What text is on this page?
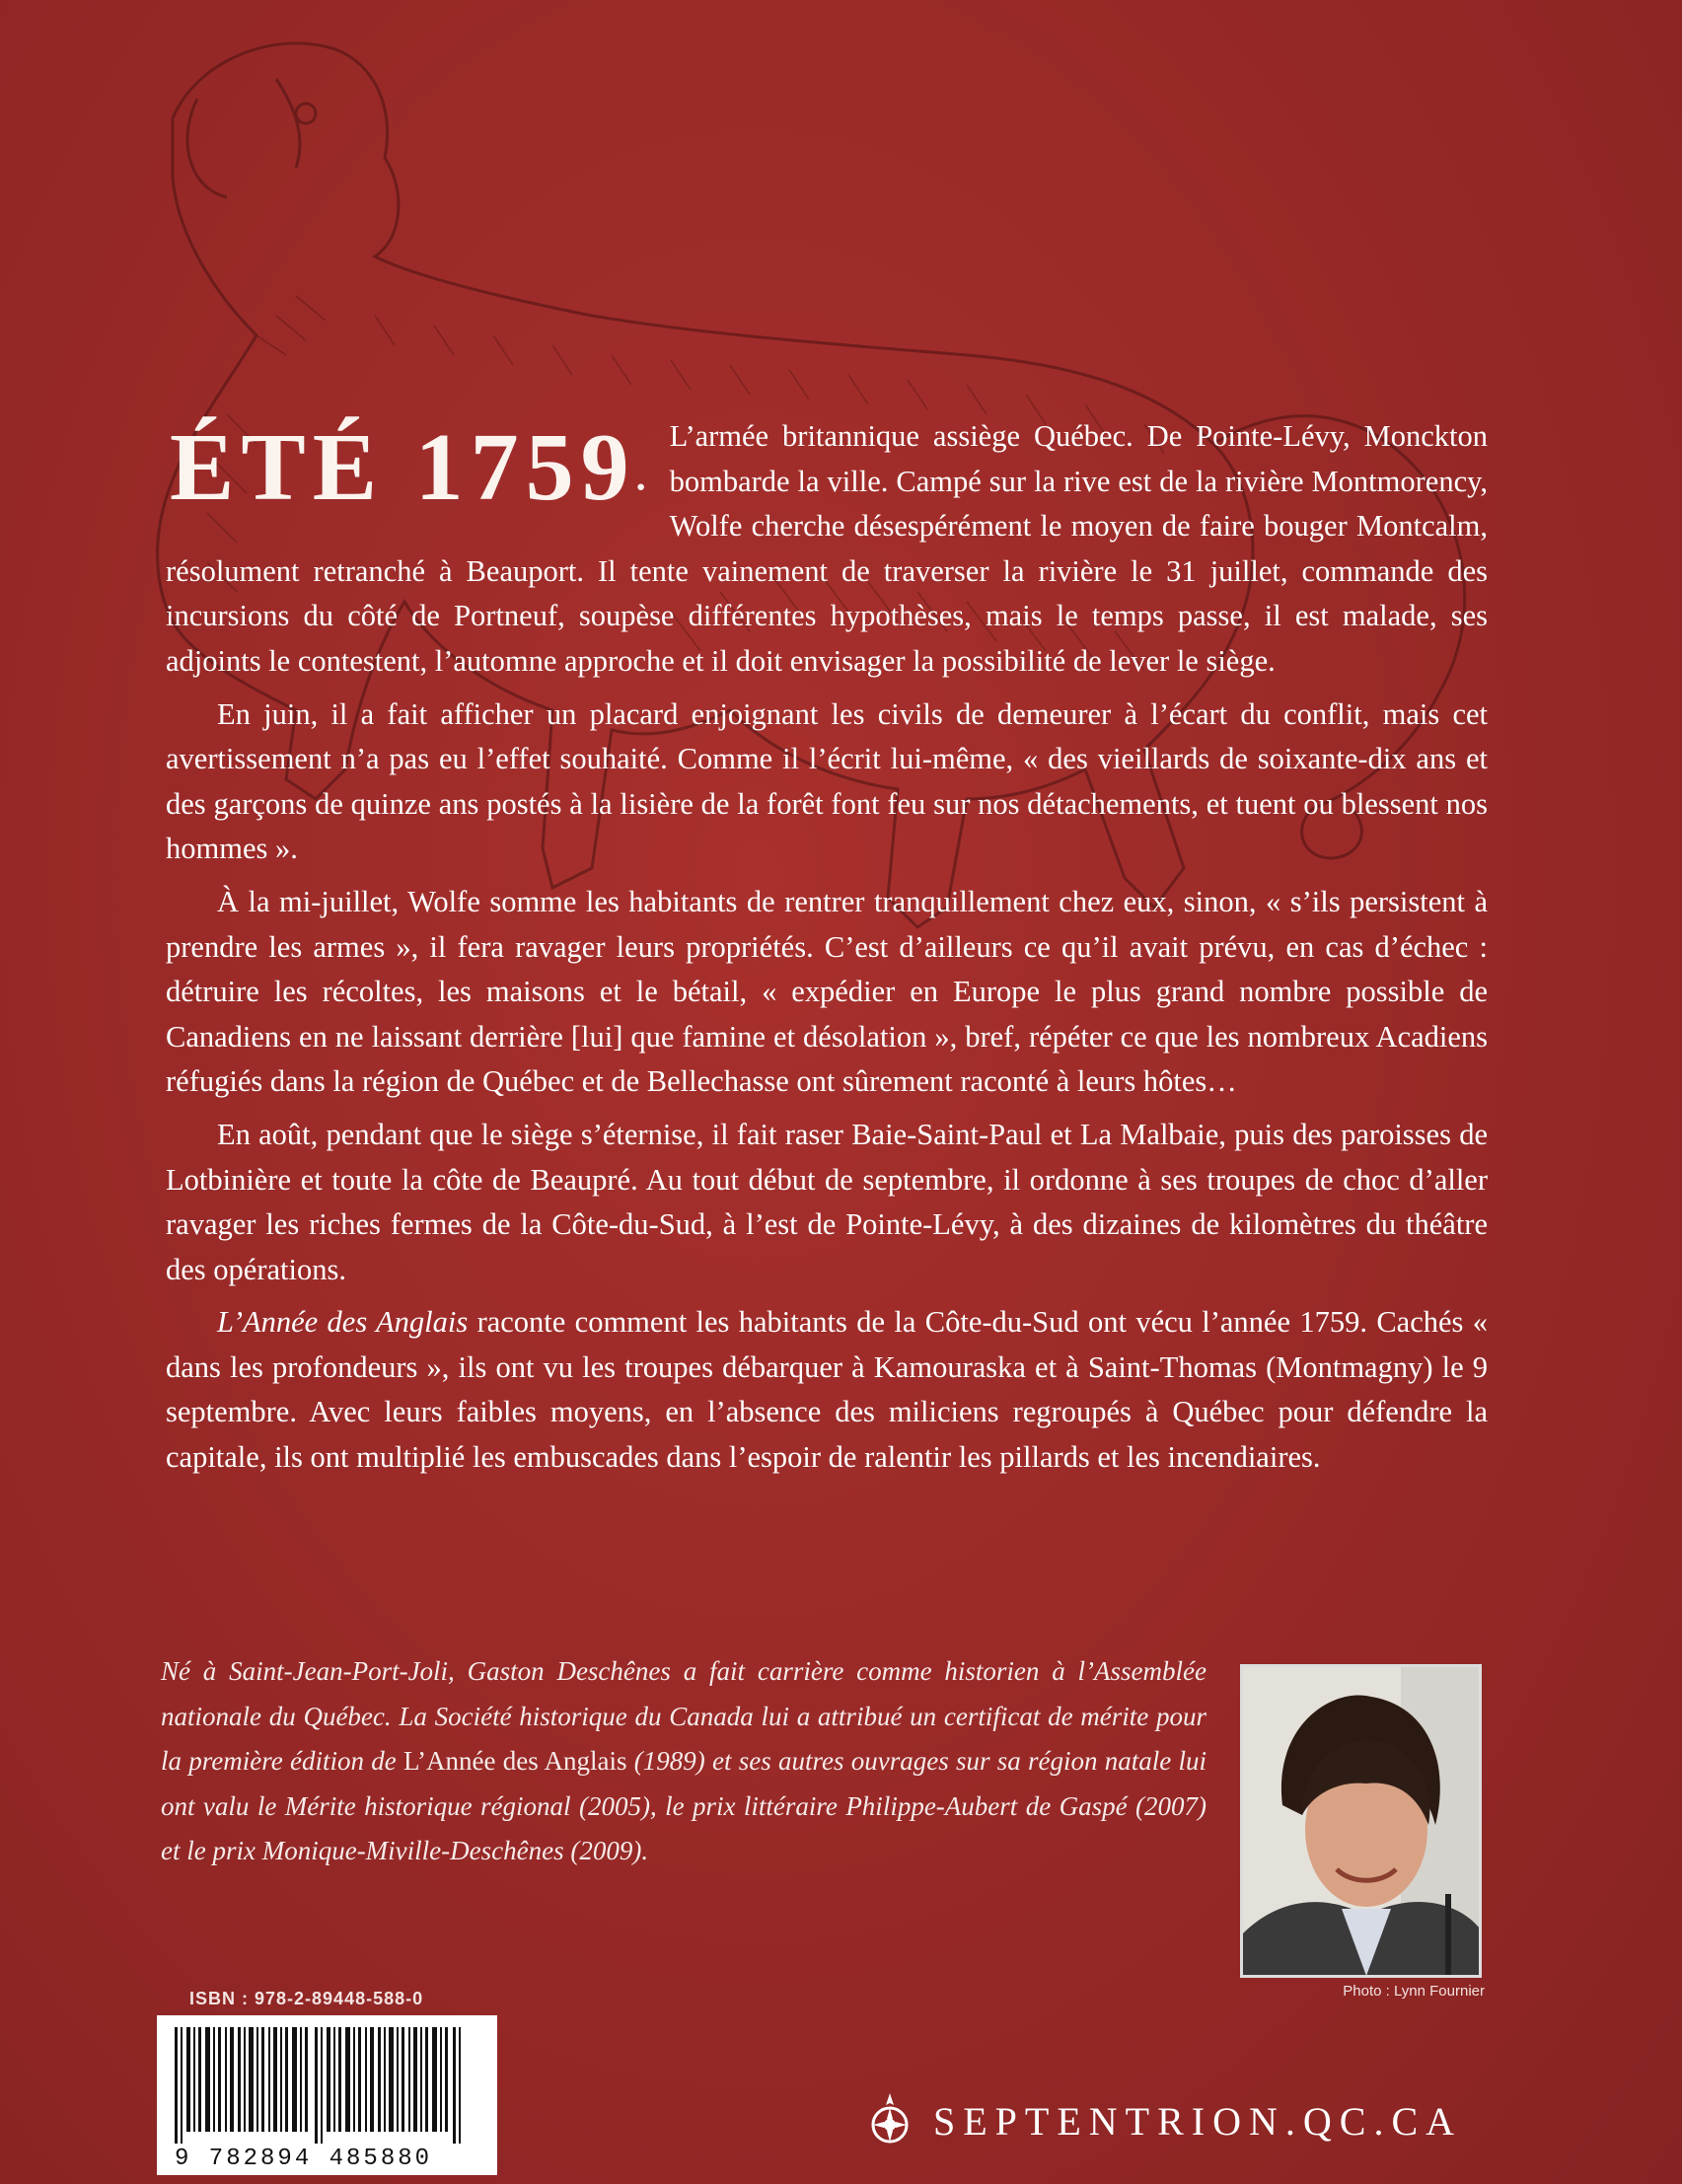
ÉTÉ 1759.
L’armée britannique assiège Québec. De Pointe-Lévy, Monckton bombarde la ville. Campé sur la rive est de la rivière Montmorency, Wolfe cherche désespérément le moyen de faire bouger Montcalm, résolument retranché à Beauport. Il tente vainement de traverser la rivière le 31 juillet, commande des incursions du côté de Portneuf, soupèse différentes hypothèses, mais le temps passe, il est malade, ses adjoints le contestent, l’automne approche et il doit envisager la possibilité de lever le siège.

En juin, il a fait afficher un placard enjoignant les civils de demeurer à l’écart du conflit, mais cet avertissement n’a pas eu l’effet souhaité. Comme il l’écrit lui-même, « des vieillards de soixante-dix ans et des garçons de quinze ans postés à la lisière de la forêt font feu sur nos détachements, et tuent ou blessent nos hommes ».

À la mi-juillet, Wolfe somme les habitants de rentrer tranquillement chez eux, sinon, « s’ils persistent à prendre les armes », il fera ravager leurs propriétés. C’est d’ailleurs ce qu’il avait prévu, en cas d’échec : détruire les récoltes, les maisons et le bétail, « expédier en Europe le plus grand nombre possible de Canadiens en ne laissant derrière [lui] que famine et désolation », bref, répéter ce que les nombreux Acadiens réfugiés dans la région de Québec et de Bellechasse ont sûrement raconté à leurs hôtes…

En août, pendant que le siège s’éternise, il fait raser Baie-Saint-Paul et La Malbaie, puis des paroisses de Lotbinière et toute la côte de Beaupré. Au tout début de septembre, il ordonne à ses troupes de choc d’aller ravager les riches fermes de la Côte-du-Sud, à l’est de Pointe-Lévy, à des dizaines de kilomètres du théâtre des opérations.

L’Année des Anglais raconte comment les habitants de la Côte-du-Sud ont vécu l’année 1759. Cachés « dans les profondeurs », ils ont vu les troupes débarquer à Kamouraska et à Saint-Thomas (Montmagny) le 9 septembre. Avec leurs faibles moyens, en l’absence des miliciens regroupés à Québec pour défendre la capitale, ils ont multiplié les embuscades dans l’espoir de ralentir les pillards et les incendiaires.

Né à Saint-Jean-Port-Joli, Gaston Deschênes a fait carrière comme historien à l’Assemblée nationale du Québec. La Société historique du Canada lui a attribué un certificat de mérite pour la première édition de L’Année des Anglais (1989) et ses autres ouvrages sur sa région natale lui ont valu le Mérite historique régional (2005), le prix littéraire Philippe-Aubert de Gaspé (2007) et le prix Monique-Miville-Deschênes (2009).
Photo : Lynn Fournier
ISBN : 978-2-89448-588-0
9 782894 485880
SEPTENTRION.QC.CA
